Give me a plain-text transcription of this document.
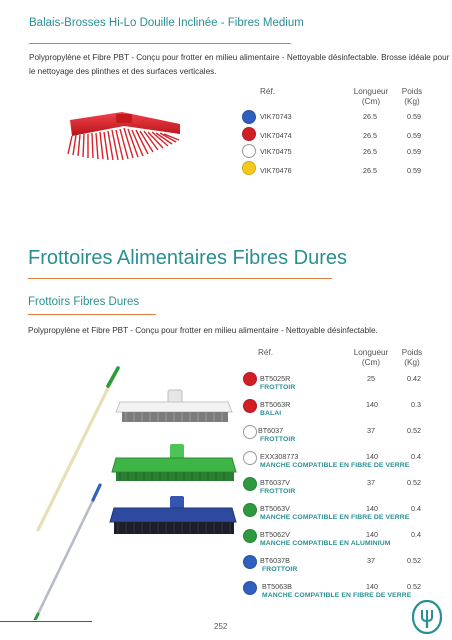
Balais-Brosses Hi-Lo Douille Inclinée - Fibres Medium
Polypropylène et Fibre PBT - Conçu pour frotter en milieu alimentaire - Nettoyable désinfectable. Brosse idéale pour
le nettoyage des plinthes et des surfaces verticales.
Réf.	Longueur
(Cm)
Poids
(Kg)
VIK70743	26.5	0.59
VIK70474	26.5	0.59
VIK70475	26.5	0.59
VIK70476	26.5	0.59
Frottoires Alimentaires Fibres Dures
Frottoirs Fibres Dures
Polypropylène et Fibre PBT - Conçu pour frotter en milieu alimentaire - Nettoyable désinfectable.
Réf.	Longueur
(Cm)
Poids
(Kg)
BT5025R	25	0.42
FROTTOIR
BT5063R	140	0.3
BALAI
BT6037	37	0.52
FROTTOIR
EXX308773	140	0.4
MANCHE COMPATIBLE EN FIBRE DE VERRE
BT6037V	37	0.52
FROTTOIR
BT5063V	140	0.4
MANCHE COMPATIBLE EN FIBRE DE VERRE
BT5062V	140	0.4
MANCHE COMPATIBLE EN ALUMINIUM
BT6037B	37	0.52
FROTTOIR
BT5063B	140	0.52
MANCHE COMPATIBLE EN FIBRE DE VERRE
252
